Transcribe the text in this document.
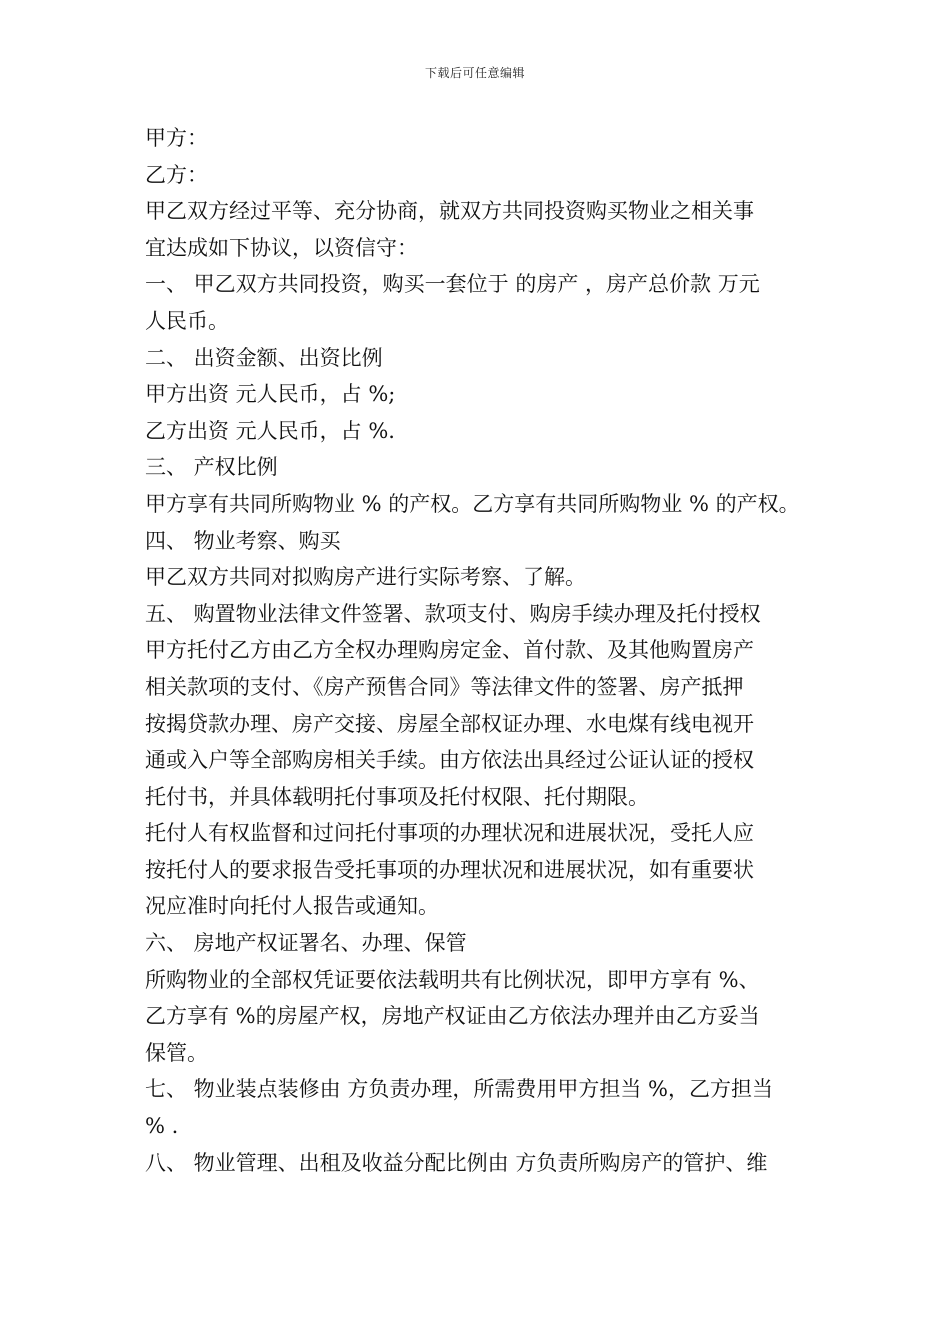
下载后可任意编辑
甲方：
乙方：
甲乙双方经过平等、充分协商，就双方共同投资购买物业之相关事
宜达成如下协议，以资信守：
一、 甲乙双方共同投资，购买一套位于 的房产 ，房产总价款 万元
人民币。
二、 出资金额、出资比例
甲方出资 元人民币，占 %;
乙方出资 元人民币，占 %.
三、 产权比例
甲方享有共同所购物业 % 的产权。乙方享有共同所购物业 % 的产权。
四、 物业考察、购买
甲乙双方共同对拟购房产进行实际考察、了解。
五、 购置物业法律文件签署、款项支付、购房手续办理及托付授权
甲方托付乙方由乙方全权办理购房定金、首付款、及其他购置房产
相关款项的支付、《房产预售合同》等法律文件的签署、房产抵押
按揭贷款办理、房产交接、房屋全部权证办理、水电煤有线电视开
通或入户等全部购房相关手续。由方依法出具经过公证认证的授权
托付书，并具体载明托付事项及托付权限、托付期限。
托付人有权监督和过问托付事项的办理状况和进展状况，受托人应
按托付人的要求报告受托事项的办理状况和进展状况，如有重要状
况应准时向托付人报告或通知。
六、 房地产权证署名、办理、保管
所购物业的全部权凭证要依法载明共有比例状况，即甲方享有 %、
乙方享有 %的房屋产权，房地产权证由乙方依法办理并由乙方妥当
保管。
七、 物业装点装修由 方负责办理，所需费用甲方担当 %，乙方担当
% .
八、 物业管理、出租及收益分配比例由 方负责所购房产的管护、维
